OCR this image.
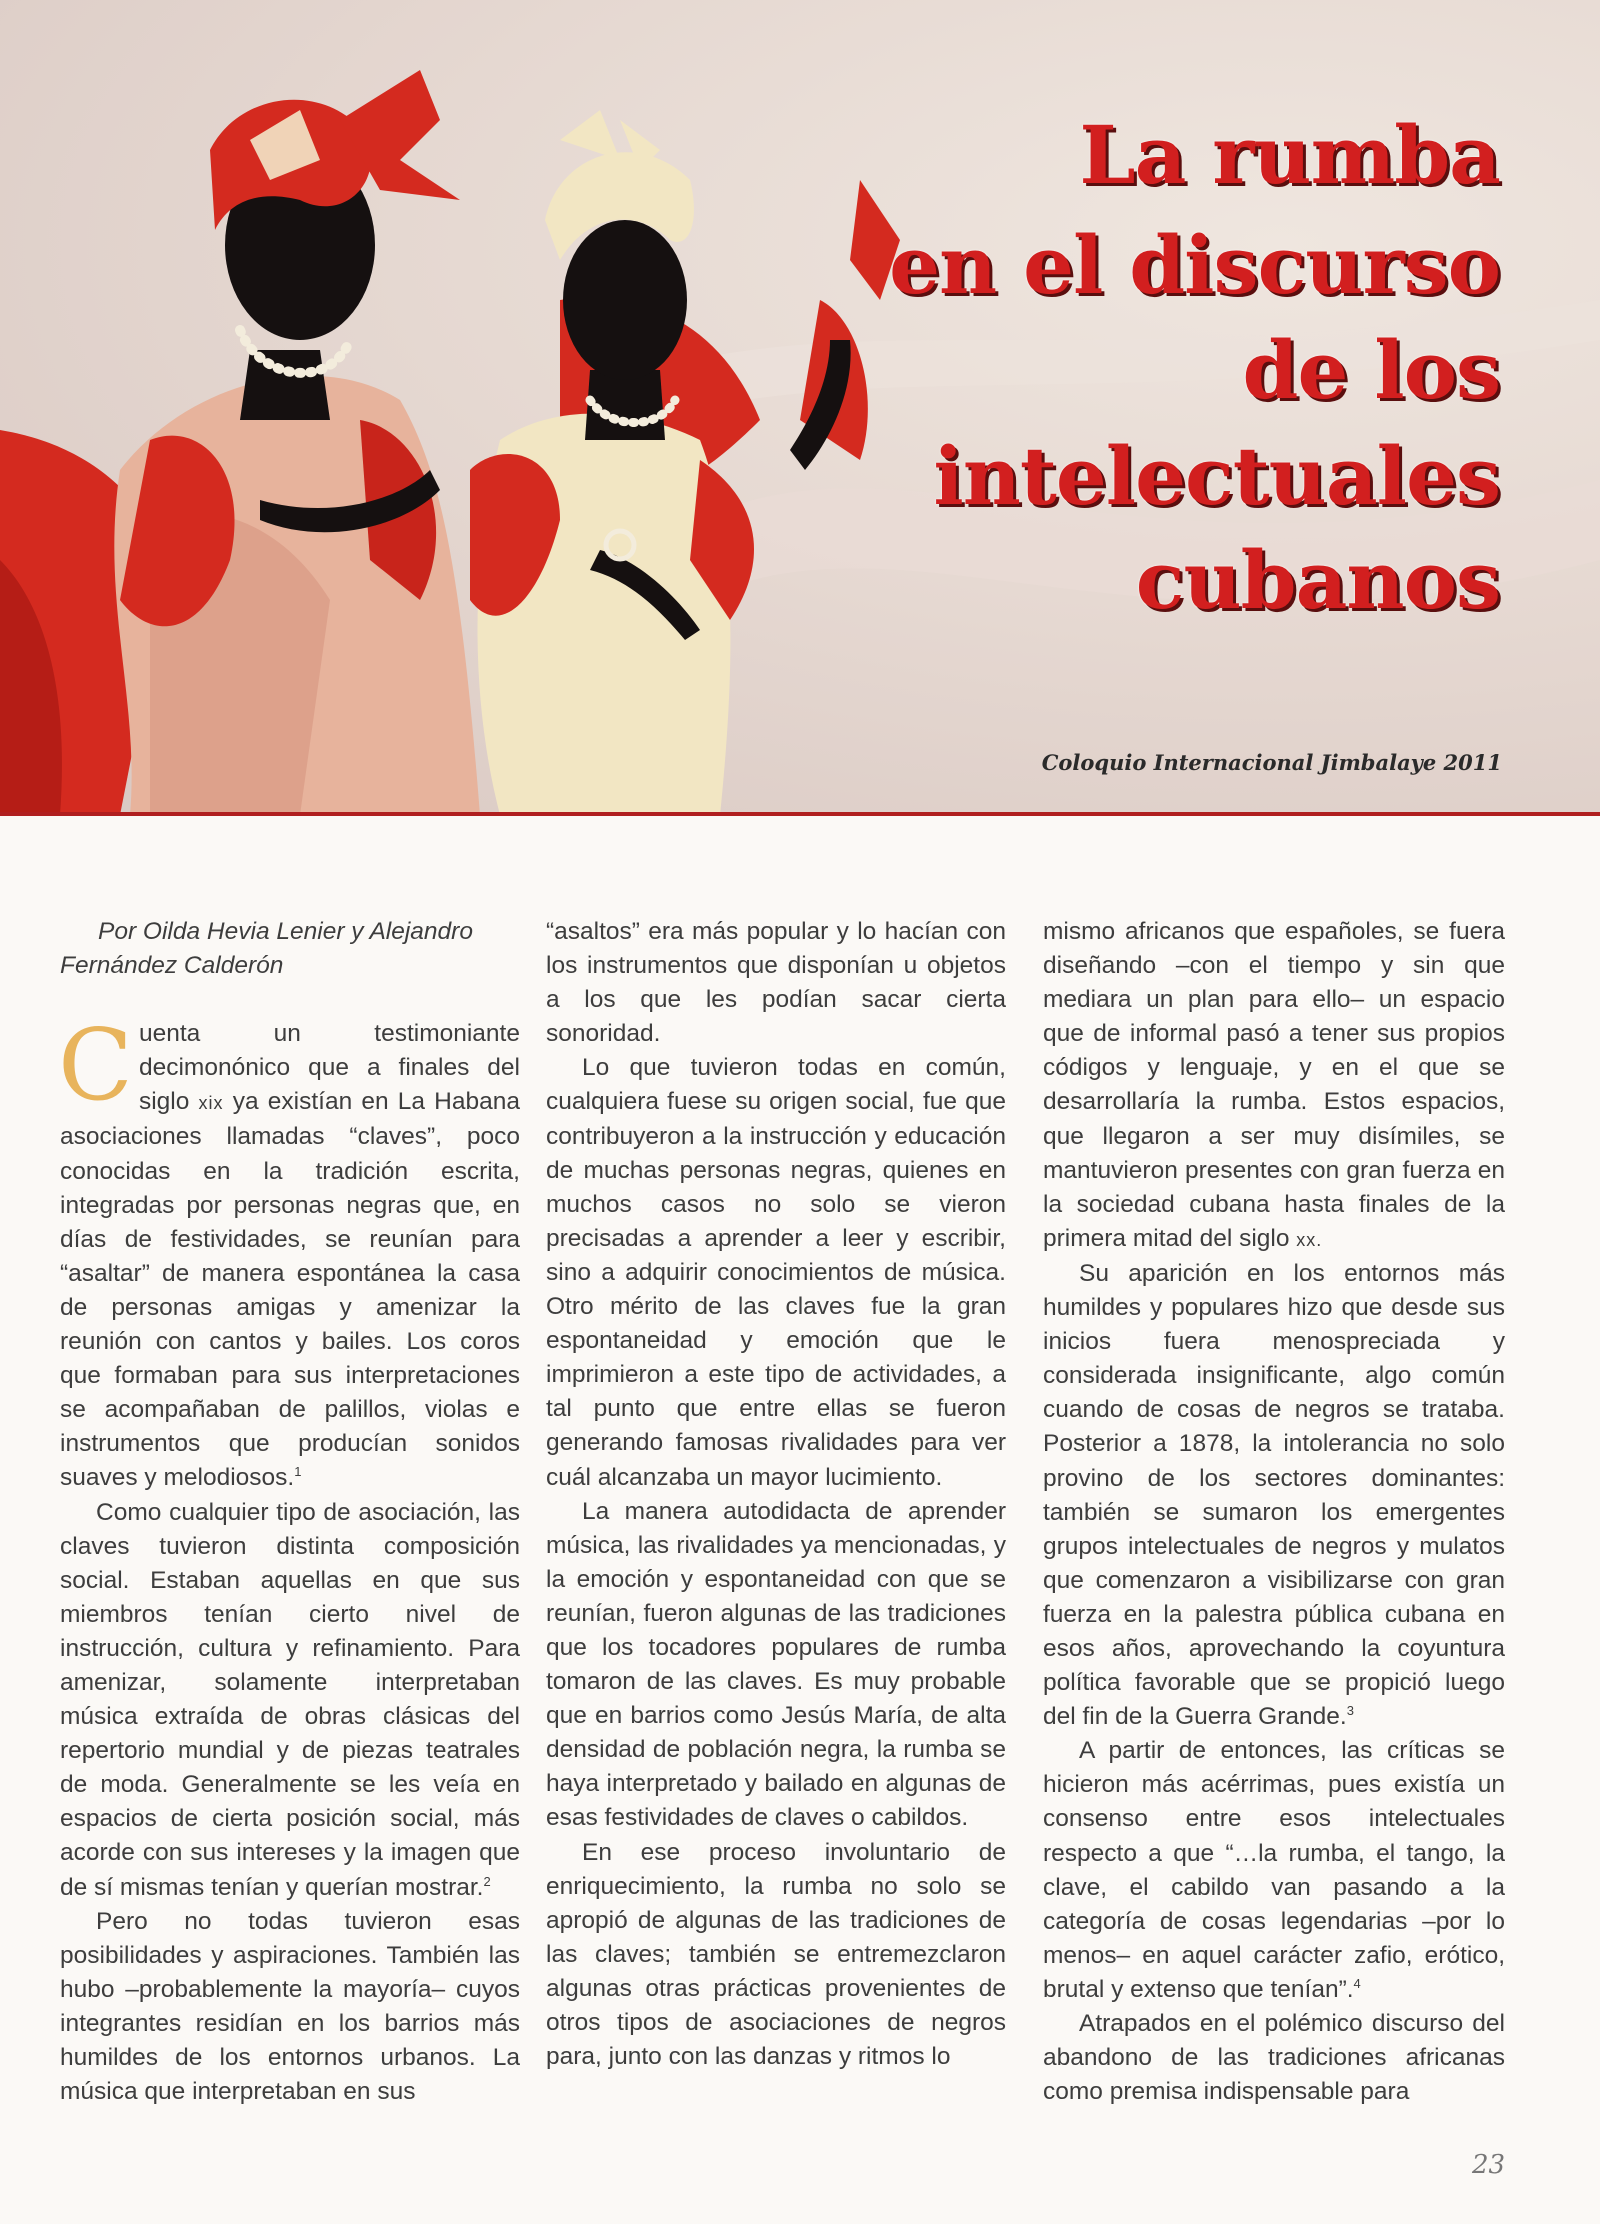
La rumba
en el discurso
de los
intelectuales
cubanos
Coloquio Internacional Jimbalaye 2011
Por Oilda Hevia Lenier y Alejandro
Fernández Calderón

Cuenta un testimoniante decimonónico que a finales del siglo xix ya existían en La Habana asociaciones llamadas “claves”, poco conocidas en la tradición escrita, integradas por personas negras que, en días de festividades, se reunían para “asaltar” de manera espontánea la casa de personas amigas y amenizar la reunión con cantos y bailes. Los coros que formaban para sus interpretaciones se acompañaban de palillos, violas e instrumentos que producían sonidos suaves y melodiosos.$^1$

Como cualquier tipo de asociación, las claves tuvieron distinta composición social. Estaban aquellas en que sus miembros tenían cierto nivel de instrucción, cultura y refinamiento. Para amenizar, solamente interpretaban música extraída de obras clásicas del repertorio mundial y de piezas teatrales de moda. Generalmente se les veía en espacios de cierta posición social, más acorde con sus intereses y la imagen que de sí mismas tenían y querían mostrar.$^2$

Pero no todas tuvieron esas posibilidades y aspiraciones. También las hubo –probablemente la mayoría– cuyos integrantes residían en los barrios más humildes de los entornos urbanos. La música que interpretaban en sus

“asaltos” era más popular y lo hacían con los instrumentos que disponían u objetos a los que les podían sacar cierta sonoridad.

Lo que tuvieron todas en común, cualquiera fuese su origen social, fue que contribuyeron a la instrucción y educación de muchas personas negras, quienes en muchos casos no solo se vieron precisadas a aprender a leer y escribir, sino a adquirir conocimientos de música. Otro mérito de las claves fue la gran espontaneidad y emoción que le imprimieron a este tipo de actividades, a tal punto que entre ellas se fueron generando famosas rivalidades para ver cuál alcanzaba un mayor lucimiento.

La manera autodidacta de aprender música, las rivalidades ya mencionadas, y la emoción y espontaneidad con que se reunían, fueron algunas de las tradiciones que los tocadores populares de rumba tomaron de las claves. Es muy probable que en barrios como Jesús María, de alta densidad de población negra, la rumba se haya interpretado y bailado en algunas de esas festividades de claves o cabildos.

En ese proceso involuntario de enriquecimiento, la rumba no solo se apropió de algunas de las tradiciones de las claves; también se entremezclaron algunas otras prácticas provenientes de otros tipos de asociaciones de negros para, junto con las danzas y ritmos lo

mismo africanos que españoles, se fuera diseñando –con el tiempo y sin que mediara un plan para ello– un espacio que de informal pasó a tener sus propios códigos y lenguaje, y en el que se desarrollaría la rumba. Estos espacios, que llegaron a ser muy disímiles, se mantuvieron presentes con gran fuerza en la sociedad cubana hasta finales de la primera mitad del siglo xx.

Su aparición en los entornos más humildes y populares hizo que desde sus inicios fuera menospreciada y considerada insignificante, algo común cuando de cosas de negros se trataba. Posterior a 1878, la intolerancia no solo provino de los sectores dominantes: también se sumaron los emergentes grupos intelectuales de negros y mulatos que comenzaron a visibilizarse con gran fuerza en la palestra pública cubana en esos años, aprovechando la coyuntura política favorable que se propició luego del fin de la Guerra Grande.$^3$

A partir de entonces, las críticas se hicieron más acérrimas, pues existía un consenso entre esos intelectuales respecto a que “…la rumba, el tango, la clave, el cabildo van pasando a la categoría de cosas legendarias –por lo menos– en aquel carácter zafio, erótico, brutal y extenso que tenían”.$^4$

Atrapados en el polémico discurso del abandono de las tradiciones africanas como premisa indispensable para

23
